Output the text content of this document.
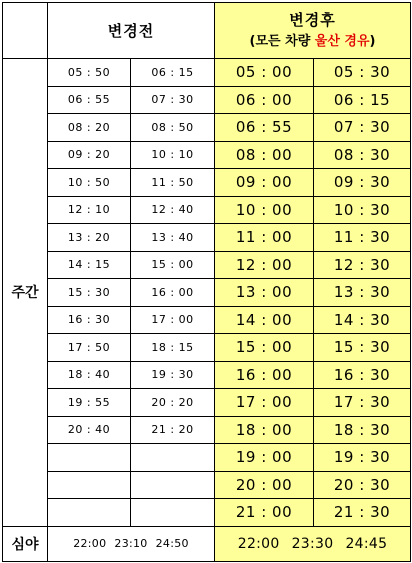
	변경전		변경후
(모든 차량 울산 경유)	

주간	05 : 50	06 : 15	05 : 00	05 : 30
	06 : 55	07 : 30	06 : 00	06 : 15
	08 : 20	08 : 50	06 : 55	07 : 30
	09 : 20	10 : 10	08 : 00	08 : 30
	10 : 50	11 : 50	09 : 00	09 : 30
	12 : 10	12 : 40	10 : 00	10 : 30
	13 : 20	13 : 40	11 : 00	11 : 30
	14 : 15	15 : 00	12 : 00	12 : 30
	15 : 30	16 : 00	13 : 00	13 : 30
	16 : 30	17 : 00	14 : 00	14 : 30
	17 : 50	18 : 15	15 : 00	15 : 30
	18 : 40	19 : 30	16 : 00	16 : 30
	19 : 55	20 : 20	17 : 00	17 : 30
	20 : 40	21 : 20	18 : 00	18 : 30
			19 : 00	19 : 30
			20 : 00	20 : 30
			21 : 00	21 : 30
심야	22:00 23:10 24:50		22:00 23:30 24:45	
